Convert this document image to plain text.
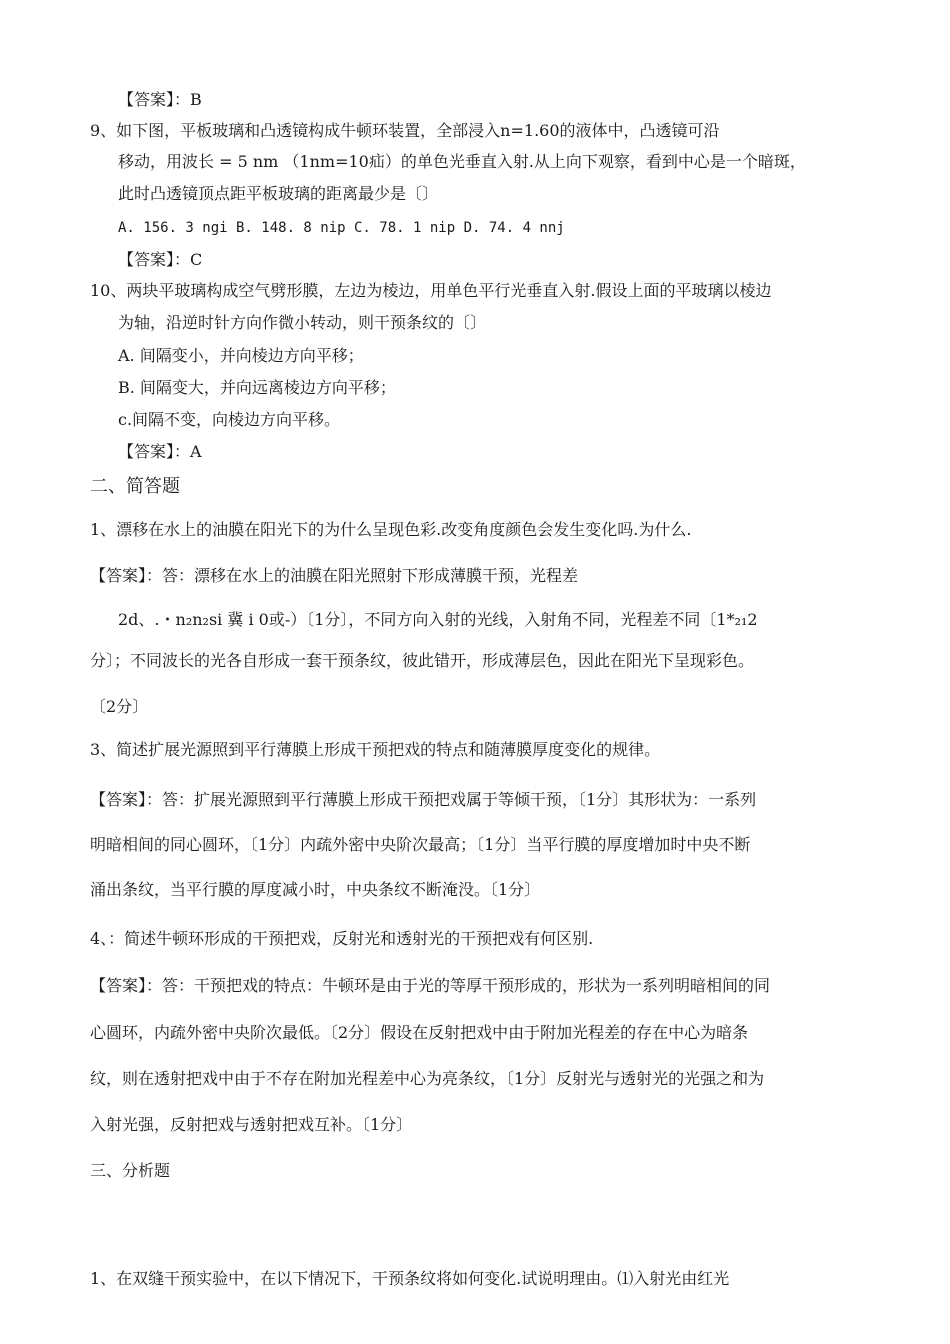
【答案】：B
9、如下图，平板玻璃和凸透镜构成牛顿环装置，全部浸入n=1.60的液体中，凸透镜可沿
移动，用波长 = 5 nm （1nm=10疝）的单色光垂直入射.从上向下观察，看到中心是一个暗斑，
此时凸透镜顶点距平板玻璃的距离最少是〔〕
A. 156. 3 ngi B. 148. 8 nip C. 78. 1 nip D. 74. 4 nnj
【答案】：C
10、两块平玻璃构成空气劈形膜，左边为棱边，用单色平行光垂直入射.假设上面的平玻璃以棱边
为轴，沿逆时针方向作微小转动，则干预条纹的〔〕
A. 间隔变小，并向棱边方向平移；
B. 间隔变大，并向远离棱边方向平移；
c.间隔不变，向棱边方向平移。
【答案】：A
二、简答题
1、漂移在水上的油膜在阳光下的为什么呈现色彩.改变角度颜色会发生变化吗.为什么.
【答案】：答：漂移在水上的油膜在阳光照射下形成薄膜干预，光程差
2d、.・n₂n₂si 冀 i 0或-）〔1分〕，不同方向入射的光线，入射角不同，光程差不同〔1*₂₁2
分〕；不同波长的光各自形成一套干预条纹，彼此错开，形成薄层色，因此在阳光下呈现彩色。
〔2分〕
3、简述扩展光源照到平行薄膜上形成干预把戏的特点和随薄膜厚度变化的规律。
【答案】：答：扩展光源照到平行薄膜上形成干预把戏属于等倾干预，〔1分〕其形状为：一系列
明暗相间的同心圆环，〔1分〕内疏外密中央阶次最高；〔1分〕当平行膜的厚度增加时中央不断
涌出条纹，当平行膜的厚度减小时，中央条纹不断淹没。〔1分〕
4、：简述牛顿环形成的干预把戏，反射光和透射光的干预把戏有何区别.
【答案】：答：干预把戏的特点：牛顿环是由于光的等厚干预形成的，形状为一系列明暗相间的同
心圆环，内疏外密中央阶次最低。〔2分〕假设在反射把戏中由于附加光程差的存在中心为暗条
纹，则在透射把戏中由于不存在附加光程差中心为亮条纹，〔1分〕反射光与透射光的光强之和为
入射光强，反射把戏与透射把戏互补。〔1分〕
三、分析题
1、在双缝干预实验中，在以下情况下，干预条纹将如何变化.试说明理由。⑴入射光由红光
